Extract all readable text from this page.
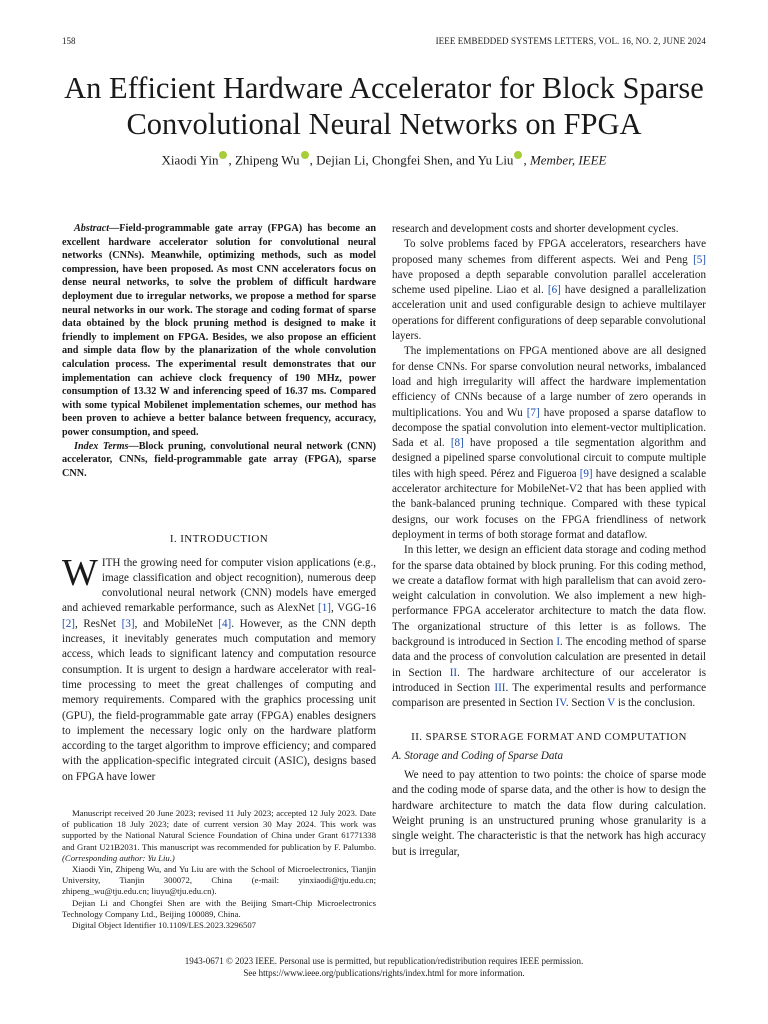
158	IEEE EMBEDDED SYSTEMS LETTERS, VOL. 16, NO. 2, JUNE 2024
An Efficient Hardware Accelerator for Block Sparse Convolutional Neural Networks on FPGA
Xiaodi Yin , Zhipeng Wu , Dejian Li, Chongfei Shen, and Yu Liu , Member, IEEE

Abstract—Field-programmable gate array (FPGA) has become an excellent hardware accelerator solution for convolutional neural networks (CNNs). Meanwhile, optimizing methods, such as model compression, have been proposed. As most CNN accelerators focus on dense neural networks, to solve the problem of difficult hardware deployment due to irregular networks, we propose a method for sparse neural networks in our work. The storage and coding format of sparse data obtained by the block pruning method is designed to make it friendly to implement on FPGA. Besides, we also propose an efficient and simple data flow by the planarization of the whole convolution calculation process. The experimental result demonstrates that our implementation can achieve clock frequency of 190 MHz, power consumption of 13.32 W and inferencing speed of 16.37 ms. Compared with some typical Mobilenet implementation schemes, our method has been proven to achieve a better balance between frequency, accuracy, power consumption, and speed.

Index Terms—Block pruning, convolutional neural network (CNN) accelerator, CNNs, field-programmable gate array (FPGA), sparse CNN.

I. INTRODUCTION

WITH the growing need for computer vision applications (e.g., image classification and object recognition), numerous deep convolutional neural network (CNN) models have emerged and achieved remarkable performance, such as AlexNet [1], VGG-16 [2], ResNet [3], and MobileNet [4]. However, as the CNN depth increases, it inevitably generates much computation and memory access, which leads to significant latency and computation resource consumption. It is urgent to design a hardware accelerator with real-time processing to meet the great challenges of computing and memory requirements. Compared with the graphics processing unit (GPU), the field-programmable gate array (FPGA) enables designers to implement the necessary logic only on the hardware platform according to the target algorithm to improve efficiency; and compared with the application-specific integrated circuit (ASIC), designs based on FPGA have lower

Manuscript received 20 June 2023; revised 11 July 2023; accepted 12 July 2023. Date of publication 18 July 2023; date of current version 30 May 2024. This work was supported by the National Natural Science Foundation of China under Grant 61771338 and Grant U21B2031. This manuscript was recommended for publication by F. Palumbo. (Corresponding author: Yu Liu.)

Xiaodi Yin, Zhipeng Wu, and Yu Liu are with the School of Microelectronics, Tianjin University, Tianjin 300072, China (e-mail: yinxiaodi@tju.edu.cn; zhipeng_wu@tju.edu.cn; liuyu@tju.edu.cn).

Dejian Li and Chongfei Shen are with the Beijing Smart-Chip Microelectronics Technology Company Ltd., Beijing 100089, China.

Digital Object Identifier 10.1109/LES.2023.3296507

research and development costs and shorter development cycles.

To solve problems faced by FPGA accelerators, researchers have proposed many schemes from different aspects. Wei and Peng [5] have proposed a depth separable convolution parallel acceleration scheme used pipeline. Liao et al. [6] have designed a parallelization acceleration unit and used configurable design to achieve multilayer operations for different configurations of deep separable convolutional layers.

The implementations on FPGA mentioned above are all designed for dense CNNs. For sparse convolution neural networks, imbalanced load and high irregularity will affect the hardware implementation efficiency of CNNs because of a large number of zero operands in multiplications. You and Wu [7] have proposed a sparse dataflow to decompose the spatial convolution into element-vector multiplication. Sada et al. [8] have proposed a tile segmentation algorithm and designed a pipelined sparse convolutional circuit to compute multiple tiles with high speed. Pérez and Figueroa [9] have designed a scalable accelerator architecture for MobileNet-V2 that has been applied with the bank-balanced pruning technique. Compared with these typical designs, our work focuses on the FPGA friendliness of network deployment in terms of both storage format and dataflow.

In this letter, we design an efficient data storage and coding method for the sparse data obtained by block pruning. For this coding method, we create a dataflow format with high parallelism that can avoid zero-weight calculation in convolution. We also implement a new high-performance FPGA accelerator architecture to match the data flow. The organizational structure of this letter is as follows. The background is introduced in Section I. The encoding method of sparse data and the process of convolution calculation are presented in detail in Section II. The hardware architecture of our accelerator is introduced in Section III. The experimental results and performance comparison are presented in Section IV. Section V is the conclusion.

II. SPARSE STORAGE FORMAT AND COMPUTATION
A. Storage and Coding of Sparse Data

We need to pay attention to two points: the choice of sparse mode and the coding mode of sparse data, and the other is how to design the hardware architecture to match the data flow during calculation. Weight pruning is an unstructured pruning whose granularity is a single weight. The characteristic is that the network has high accuracy but is irregular,

1943-0671 © 2023 IEEE. Personal use is permitted, but republication/redistribution requires IEEE permission.
See https://www.ieee.org/publications/rights/index.html for more information.
